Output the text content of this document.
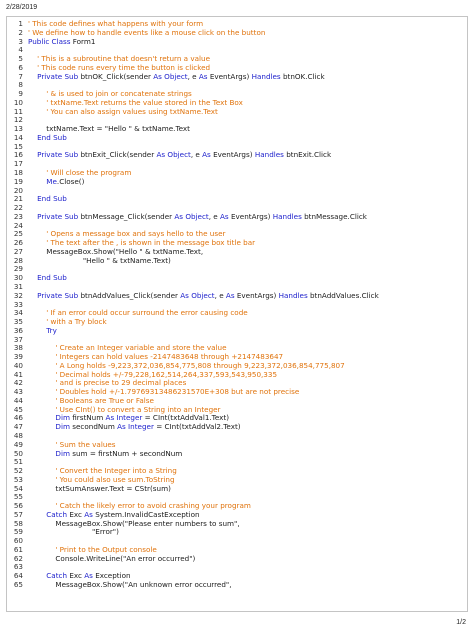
2/28/2019
1 ' This code defines what happens with your form
2 ' We define how to handle events like a mouse click on the button
3 Public Class Form1
4
5 ' This is a subroutine that doesn't return a value
6 ' This code runs every time the button is clicked
7 Private Sub btnOK_Click(sender As Object, e As EventArgs) Handles btnOK.Click
8
9	' & is used to join or concatenate strings
10	' txtName.Text returns the value stored in the Text Box
11	' You can also assign values using txtName.Text
12
13        txtName.Text = "Hello " & txtName.Text
14 End Sub
15
16 Private Sub btnExit_Click(sender As Object, e As EventArgs) Handles btnExit.Click
17
18	' Will close the program
19	Me.Close()
20
21 End Sub
22
23 Private Sub btnMessage_Click(sender As Object, e As EventArgs) Handles btnMessage.Click
24
25	' Opens a message box and says hello to the user
26	' The text after the , is shown in the message box title bar
27        MessageBox.Show("Hello " & txtName.Text,
28                        "Hello " & txtName.Text)
29
30 End Sub
31
32 Private Sub btnAddValues_Click(sender As Object, e As EventArgs) Handles btnAddValues.Click
33
34	' If an error could occur surround the error causing code
35	' with a Try block
36	Try
37
38	' Create an Integer variable and store the value
39	' Integers can hold values -2147483648 through +2147483647
40	' A Long holds -9,223,372,036,854,775,808 through 9,223,372,036,854,775,807
41	' Decimal holds +/-79,228,162,514,264,337,593,543,950,335
42	' and is precise to 29 decimal places
43	' Doubles hold +/-1.79769313486231570E+308 but are not precise
44	' Booleans are True or False
45	' Use CInt() to convert a String into an Integer
46	Dim firstNum As Integer = CInt(txtAddVal1.Text)
47	Dim secondNum As Integer = CInt(txtAddVal2.Text)
48
49	' Sum the values
50	Dim sum = firstNum + secondNum
51
52	' Convert the Integer into a String
53	' You could also use sum.ToString
54            txtSumAnswer.Text = CStr(sum)
55
56	' Catch the likely error to avoid crashing your program
57	Catch Exc As System.InvalidCastException
58            MessageBox.Show("Please enter numbers to sum",
59                            "Error")
60
61	' Print to the Output console
62            Console.WriteLine("An error occurred")
63
64	Catch Exc As Exception
65            MessageBox.Show("An unknown error occurred",
1/2
